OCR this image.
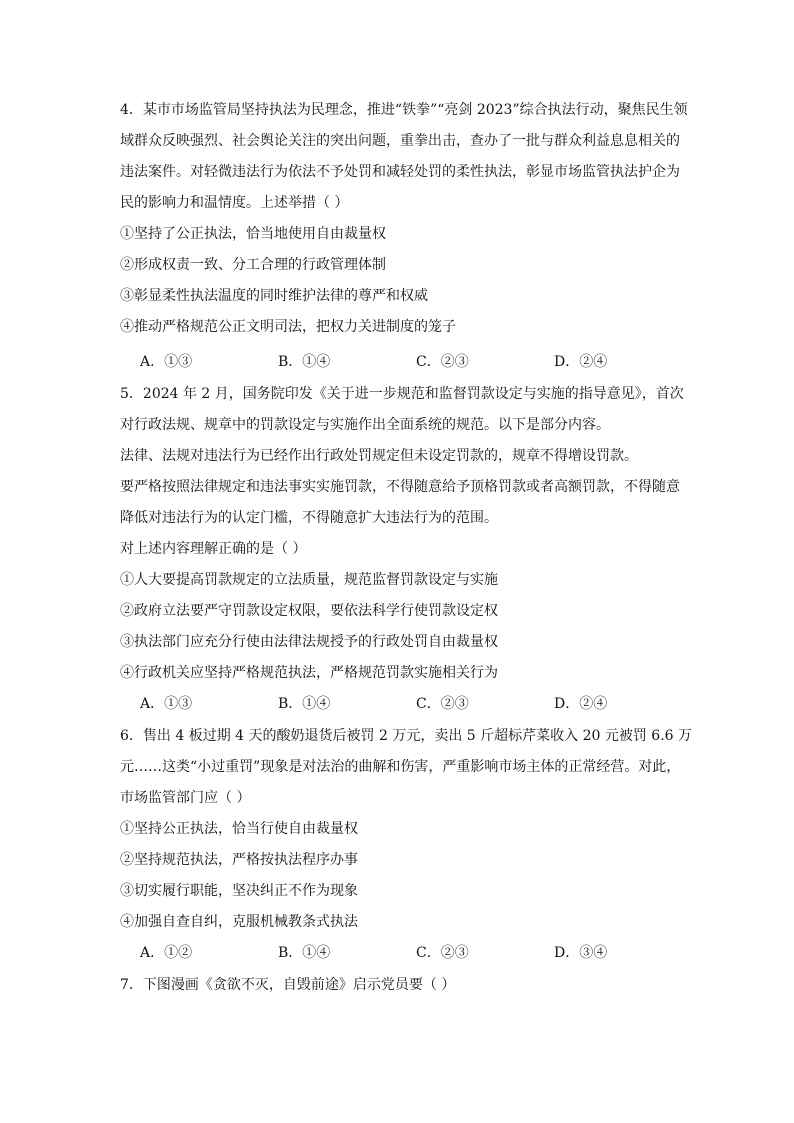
4．某市市场监管局坚持执法为民理念，推进“铁拳”“亮剑 2023”综合执法行动，聚焦民生领
域群众反映强烈、社会舆论关注的突出问题，重拳出击，查办了一批与群众利益息息相关的
违法案件。对轻微违法行为依法不予处罚和减轻处罚的柔性执法，彰显市场监管执法护企为
民的影响力和温情度。上述举措（ ）
①坚持了公正执法，恰当地使用自由裁量权
②形成权责一致、分工合理的行政管理体制
③彰显柔性执法温度的同时维护法律的尊严和权威
④推动严格规范公正文明司法，把权力关进制度的笼子
A．①③	B．①④	C．②③	D．②④
5．2024 年 2 月，国务院印发《关于进一步规范和监督罚款设定与实施的指导意见》，首次
对行政法规、规章中的罚款设定与实施作出全面系统的规范。以下是部分内容。
法律、法规对违法行为已经作出行政处罚规定但未设定罚款的，规章不得增设罚款。
要严格按照法律规定和违法事实实施罚款，不得随意给予顶格罚款或者高额罚款，不得随意
降低对违法行为的认定门槛，不得随意扩大违法行为的范围。
对上述内容理解正确的是（ ）
①人大要提高罚款规定的立法质量，规范监督罚款设定与实施
②政府立法要严守罚款设定权限，要依法科学行使罚款设定权
③执法部门应充分行使由法律法规授予的行政处罚自由裁量权
④行政机关应坚持严格规范执法，严格规范罚款实施相关行为
A．①③	B．①④	C．②③	D．②④
6．售出 4 板过期 4 天的酸奶退货后被罚 2 万元，卖出 5 斤超标芹菜收入 20 元被罚 6.6 万
元……这类“小过重罚”现象是对法治的曲解和伤害，严重影响市场主体的正常经营。对此，
市场监管部门应（ ）
①坚持公正执法，恰当行使自由裁量权
②坚持规范执法，严格按执法程序办事
③切实履行职能，坚决纠正不作为现象
④加强自查自纠，克服机械教条式执法
A．①②	B．①④	C．②③	D．③④
7．下图漫画《贪欲不灭，自毁前途》启示党员要（ ）
